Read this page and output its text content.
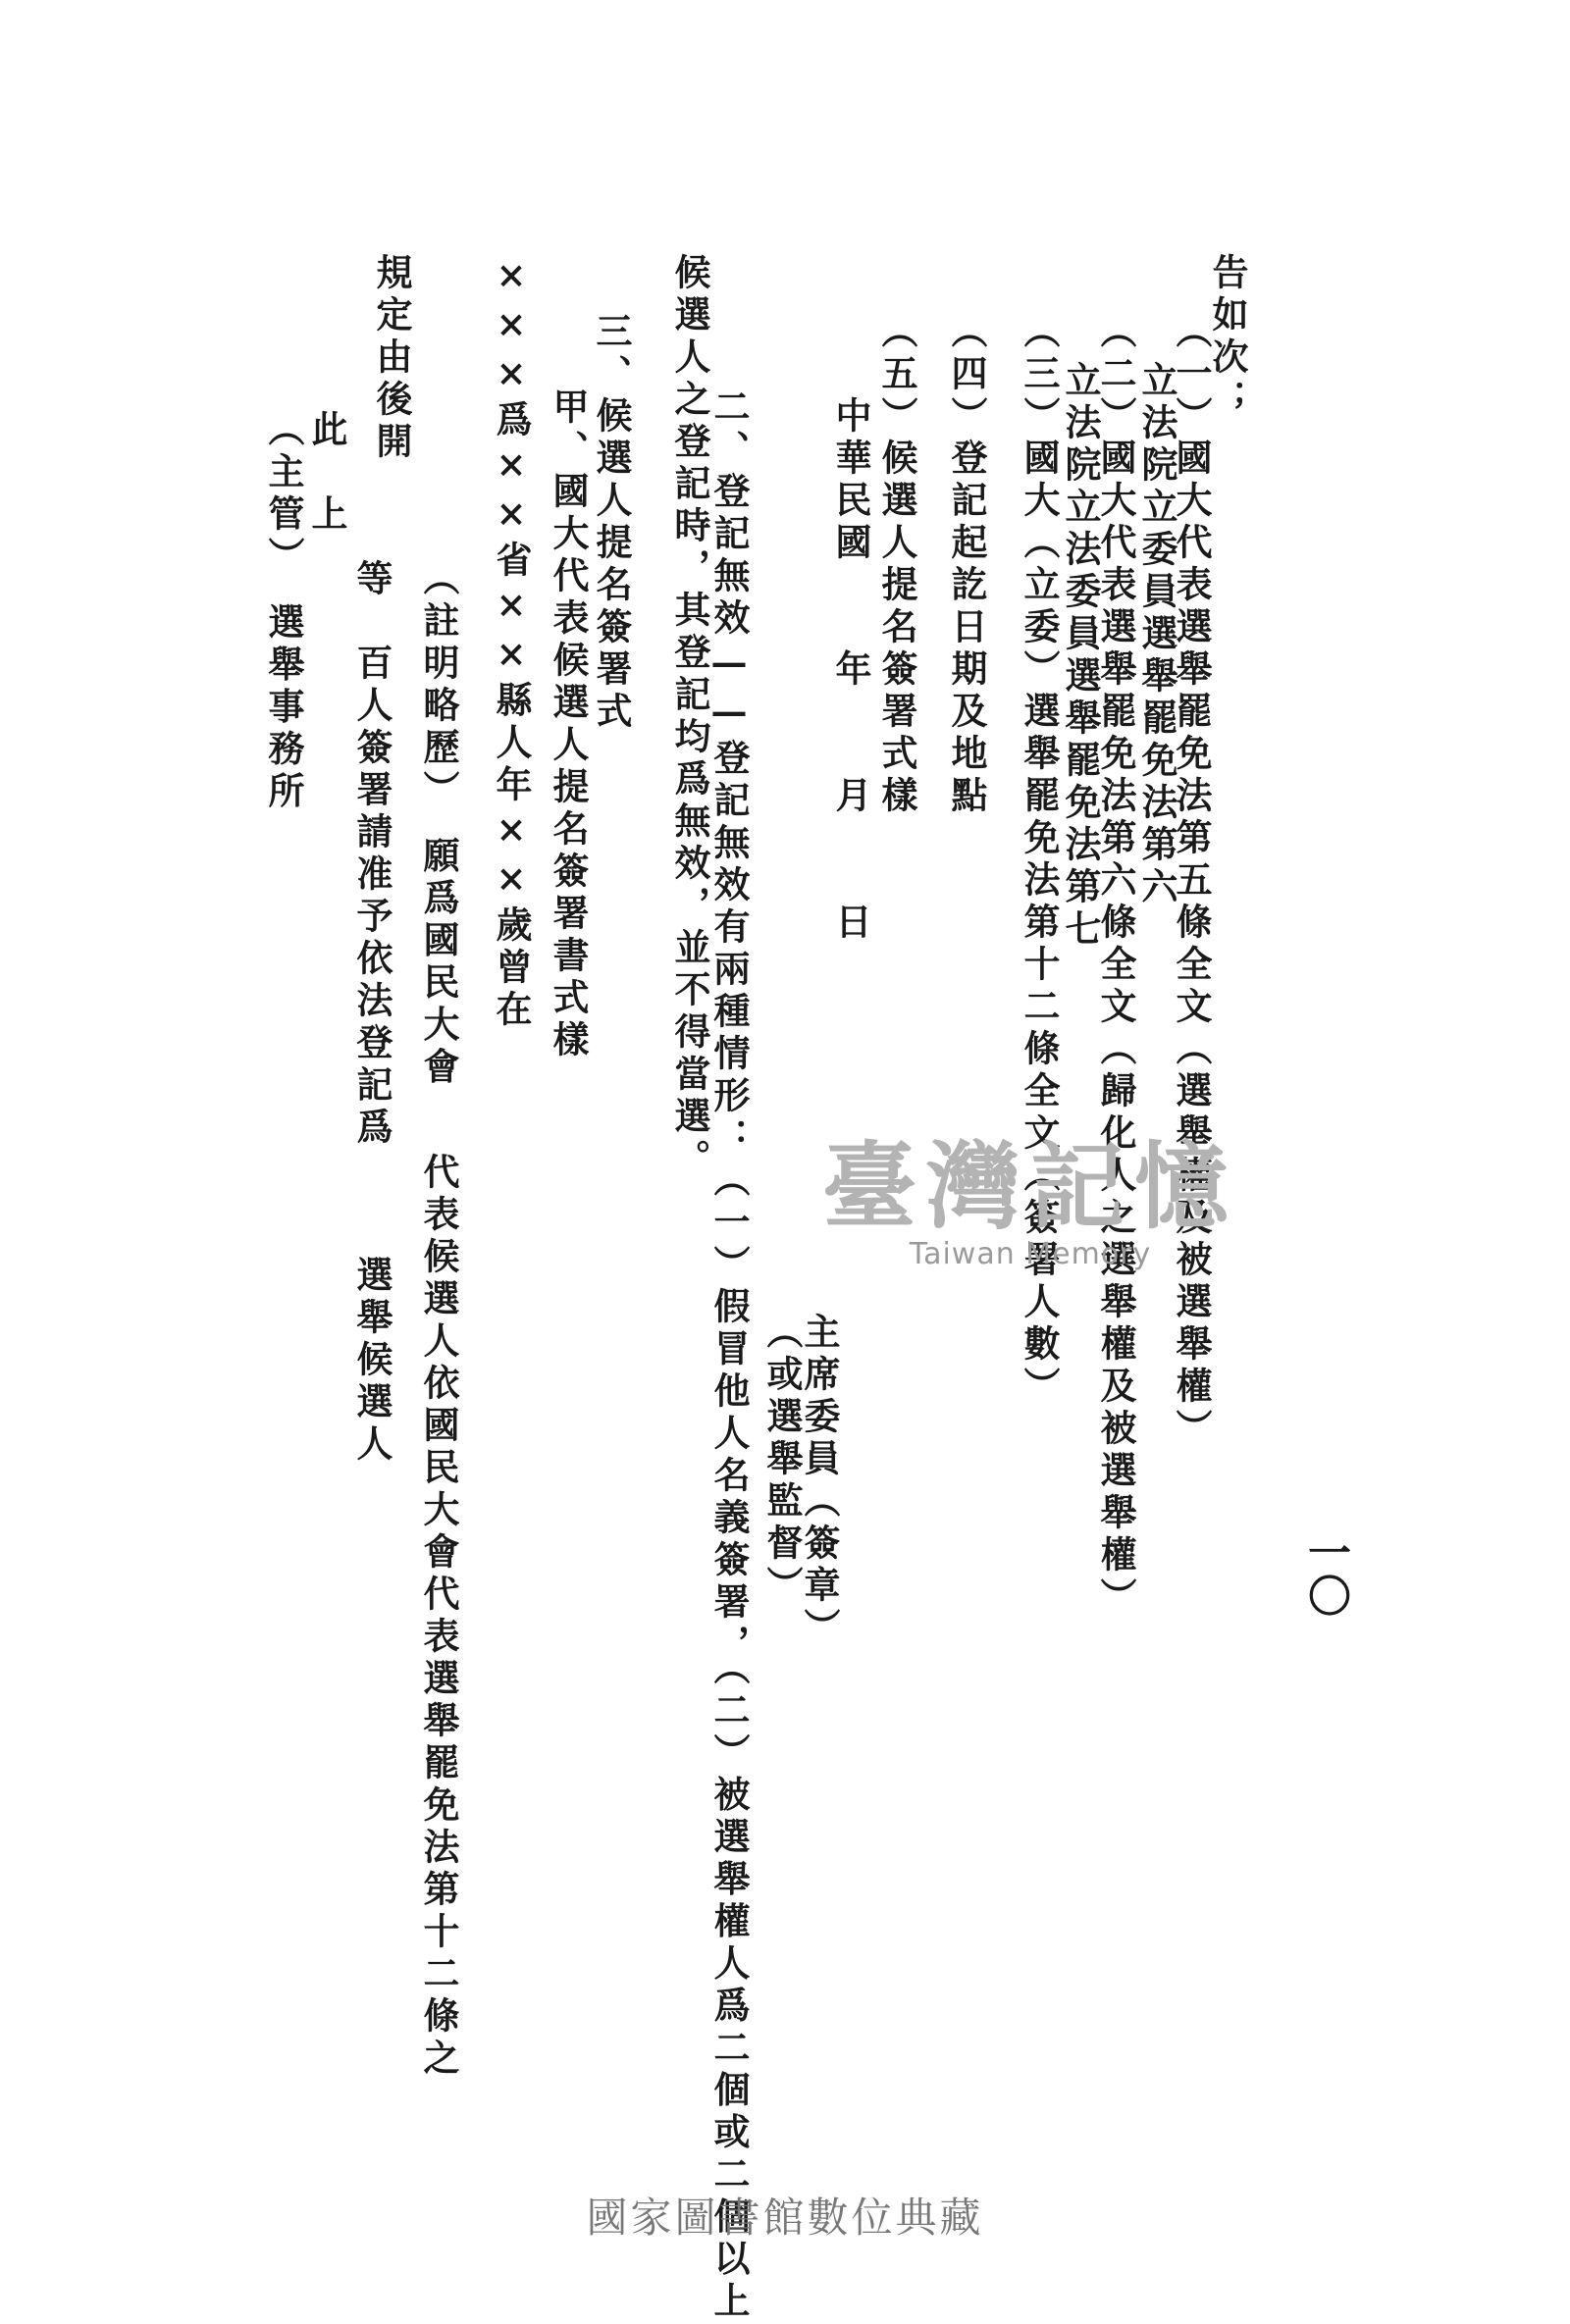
告如次；
（一）國大代表選舉罷免法第五條全文（選舉權及被選舉權）
立法院立委員選舉罷免法第六
（二）國大代表選舉罷免法第六條全文（歸化人之選舉權及被選舉權）
立法院立法委員選舉罷免法第七
（三）國大（立委）選舉罷免法第十二條全文（簽署人數）
（四）登記起訖日期及地點
（五）候選人提名簽署式樣
中華民國　　年　　月　　日
主席委員（簽章）
（或選舉監督）
二、登記無效——登記無效有兩種情形：（一）假冒他人名義簽署，（二）被選舉權人爲二個或二個以上
候選人之登記時，其登記均爲無效，並不得當選。
三、候選人提名簽署式
甲、國大代表候選人提名簽署書式樣
（註明略歷）　願爲國民大會
代表候選人依國民大會代表選舉罷免法第十二條之
×××爲××省××縣人年××歲曾在
等　百人簽署請准予依法登記爲
選舉候選人
規定由後開
此　上
（主管）　選舉事務所
一〇
臺灣記憶
Taiwan Memory
國家圖書館數位典藏
